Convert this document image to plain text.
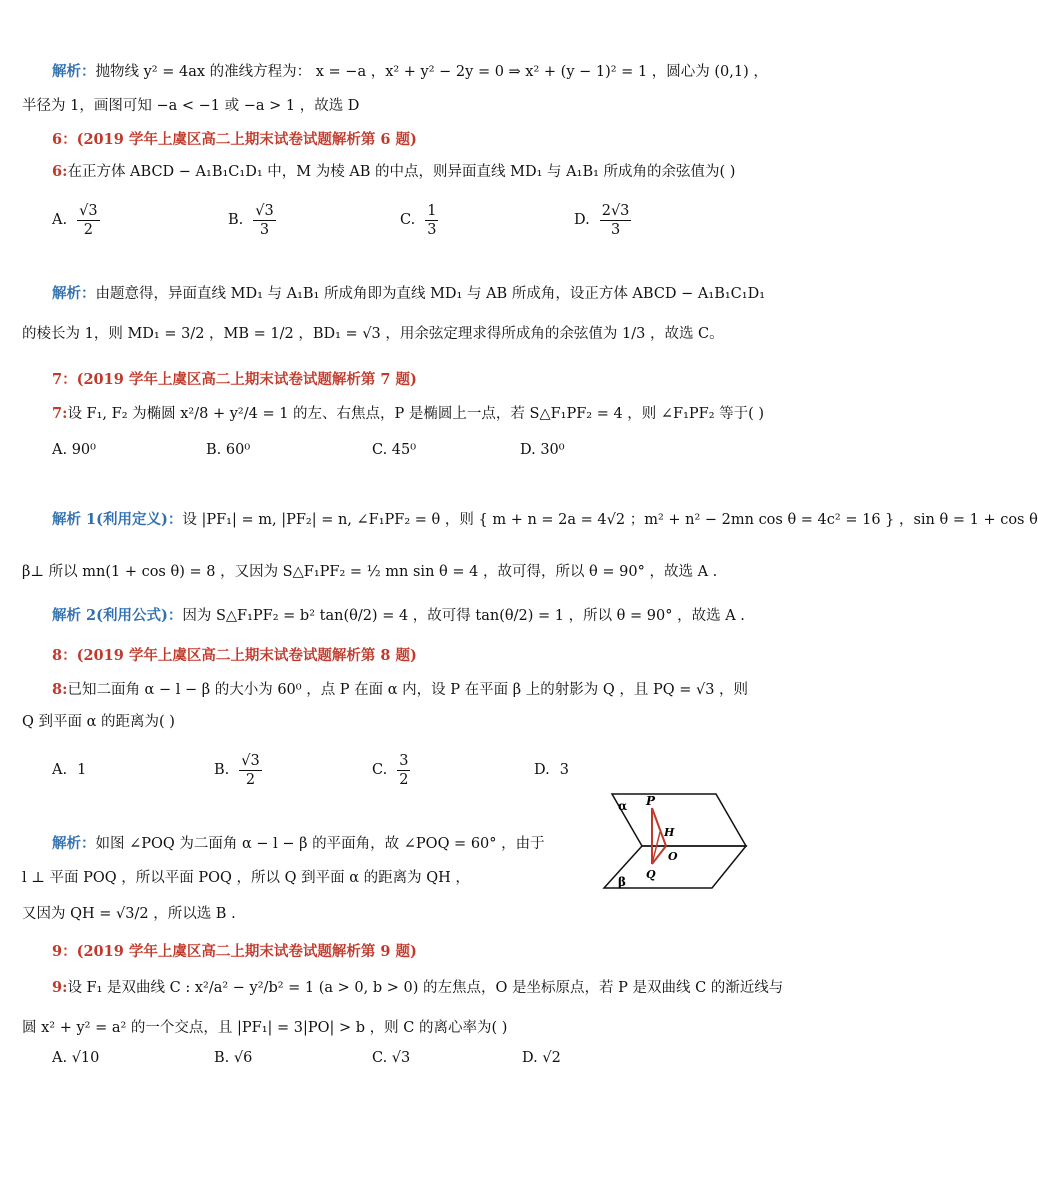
解析：抛物线 y² = 4ax 的准线方程为： x = −a ，x² + y² − 2y = 0 ⇒ x² + (y − 1)² = 1 ，圆心为 (0,1) ，
半径为 1，画图可知 −a < −1 或 −a > 1 ，故选 D
6：(2019 学年上虞区高二上期末试卷试题解析第 6 题)
6:在正方体 ABCD − A₁B₁C₁D₁ 中，M 为棱 AB 的中点，则异面直线 MD₁ 与 A₁B₁ 所成角的余弦值为( )
A. $\frac{√3}{2}$	B. $\frac{√3}{3}$	C. $\frac{1}{3}$	D. $\frac{2√3}{3}$
解析：由题意得，异面直线 MD₁ 与 A₁B₁ 所成角即为直线 MD₁ 与 AB 所成角，设正方体 ABCD − A₁B₁C₁D₁
的棱长为 1，则 MD₁ = 3/2 ，MB = 1/2 ，BD₁ = √3 ，用余弦定理求得所成角的余弦值为 1/3 ，故选 C。
7：(2019 学年上虞区高二上期末试卷试题解析第 7 题)
7:设 F₁, F₂ 为椭圆 x²/8 + y²/4 = 1 的左、右焦点，P 是椭圆上一点，若 S△F₁PF₂ = 4 ，则 ∠F₁PF₂ 等于( )
A. 90⁰	B. 60⁰	C. 45⁰	D. 30⁰
解析 1(利用定义)：设 |PF₁| = m, |PF₂| = n, ∠F₁PF₂ = θ ，则 { m + n = 2a = 4√2 ；m² + n² − 2mn cos θ = 4c² = 16 } ，sin θ = 1 + cos θ
β⊥ 所以 mn(1 + cos θ) = 8 ，又因为 S△F₁PF₂ = ½ mn sin θ = 4 ，故可得，所以 θ = 90° ，故选 A .
解析 2(利用公式)：因为 S△F₁PF₂ = b² tan(θ/2) = 4 ，故可得 tan(θ/2) = 1 ，所以 θ = 90° ，故选 A .
8：(2019 学年上虞区高二上期末试卷试题解析第 8 题)
8:已知二面角 α − l − β 的大小为 60⁰ ，点 P 在面 α 内，设 P 在平面 β 上的射影为 Q ，且 PQ = √3 ，则
Q 到平面 α 的距离为( )
A. 1	B. $\frac{√3}{2}$	C. $\frac{3}{2}$	D. 3
解析：如图 ∠POQ 为二面角 α − l − β 的平面角，故 ∠POQ = 60° ，由于
l ⊥ 平面 POQ ，所以平面 POQ ，所以 Q 到平面 α 的距离为 QH ，
又因为 QH = √3/2 ，所以选 B .
α P
H
O
Q
β
9：(2019 学年上虞区高二上期末试卷试题解析第 9 题)
9:设 F₁ 是双曲线 C : x²/a² − y²/b² = 1 (a > 0, b > 0) 的左焦点，O 是坐标原点，若 P 是双曲线 C 的渐近线与
圆 x² + y² = a² 的一个交点，且 |PF₁| = 3|PO| > b ，则 C 的离心率为( )
A. √10	B. √6	C. √3	D. √2
